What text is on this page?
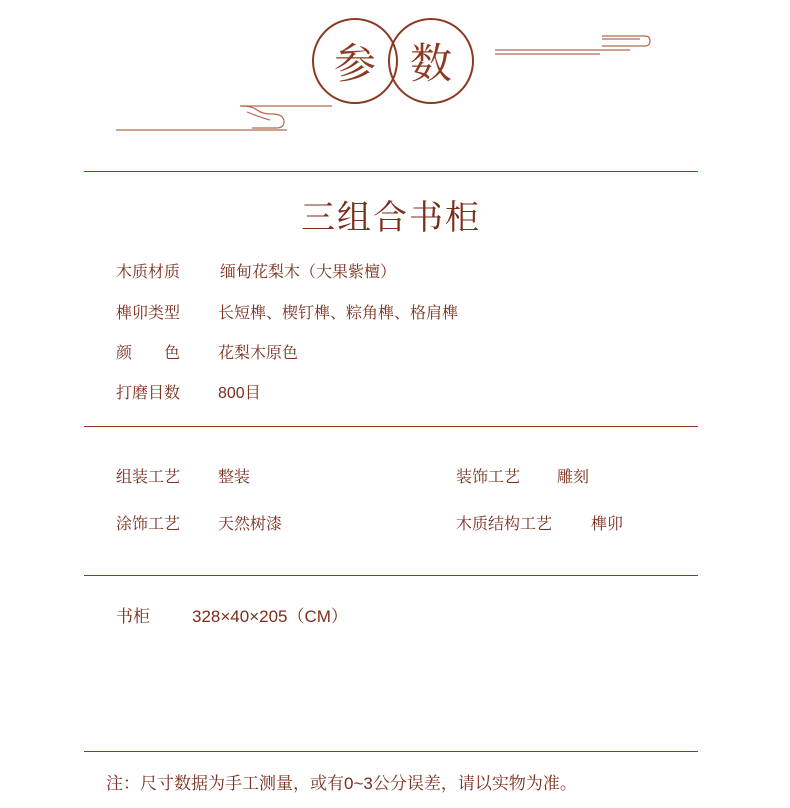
参 数
三组合书柜
木质材质 缅甸花梨木（大果紫檀）
榫卯类型 长短榫、楔钉榫、粽角榫、格肩榫
颜　　色 花梨木原色
打磨目数 800目
组装工艺 整装	装饰工艺 雕刻
涂饰工艺 天然树漆	木质结构工艺 榫卯
书柜 328×40×205（CM）
注：尺寸数据为手工测量，或有0~3公分误差，请以实物为准。
